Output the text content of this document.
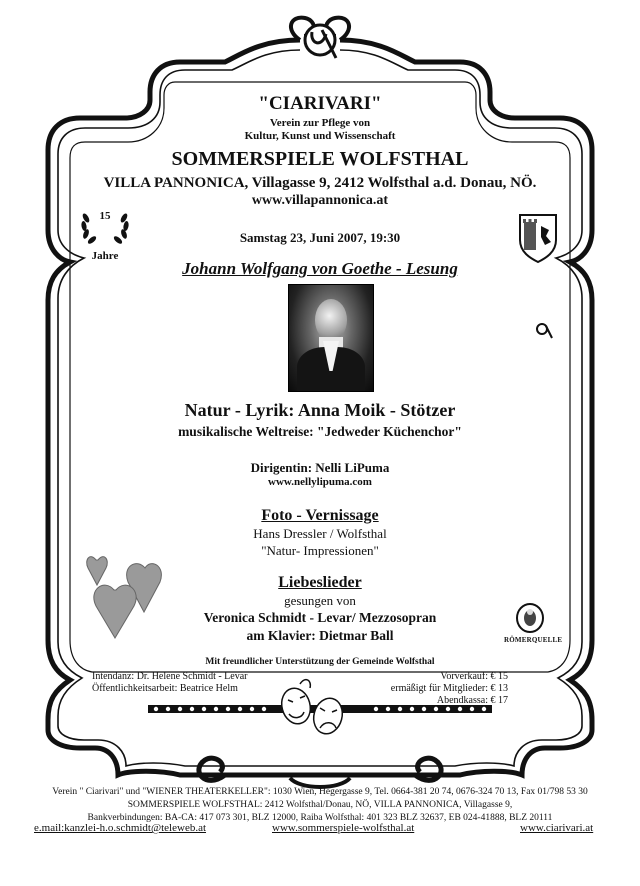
"CIARIVARI"
Verein zur Pflege von
Kultur, Kunst und Wissenschaft
SOMMERSPIELE WOLFSTHAL
VILLA PANNONICA, Villagasse 9, 2412 Wolfsthal a.d. Donau, NÖ.
www.villapannonica.at
Samstag 23, Juni 2007, 19:30
15
Jahre
Johann Wolfgang von Goethe - Lesung
Natur - Lyrik: Anna Moik - Stötzer
musikalische Weltreise: "Jedweder Küchenchor"
Dirigentin: Nelli LiPuma
www.nellylipuma.com
Foto - Vernissage
Hans Dressler / Wolfsthal
"Natur- Impressionen"
Liebeslieder
gesungen von
Veronica Schmidt - Levar/ Mezzosopran
am Klavier: Dietmar Ball	RÖMERQUELLE
Mit freundlicher Unterstützung der Gemeinde Wolfsthal
Intendanz: Dr. Helene Schmidt - Levar
Öffentlichkeitsarbeit: Beatrice Helm
Vorverkauf: € 15
ermäßigt für Mitglieder: € 13
Abendkassa: € 17
Verein " Ciarivari" und "WIENER THEATERKELLER": 1030 Wien, Hegergasse 9, Tel. 0664-381 20 74, 0676-324 70 13, Fax 01/798 53 30
SOMMERSPIELE WOLFSTHAL: 2412 Wolfsthal/Donau, NÖ, VILLA PANNONICA, Villagasse 9,
Bankverbindungen: BA-CA: 417 073 301, BLZ 12000, Raiba Wolfsthal: 401 323 BLZ 32637, EB 024-41888, BLZ 20111
e.mail:kanzlei-h.o.schmidt@teleweb.at	www.sommerspiele-wolfsthal.at	www.ciarivari.at
